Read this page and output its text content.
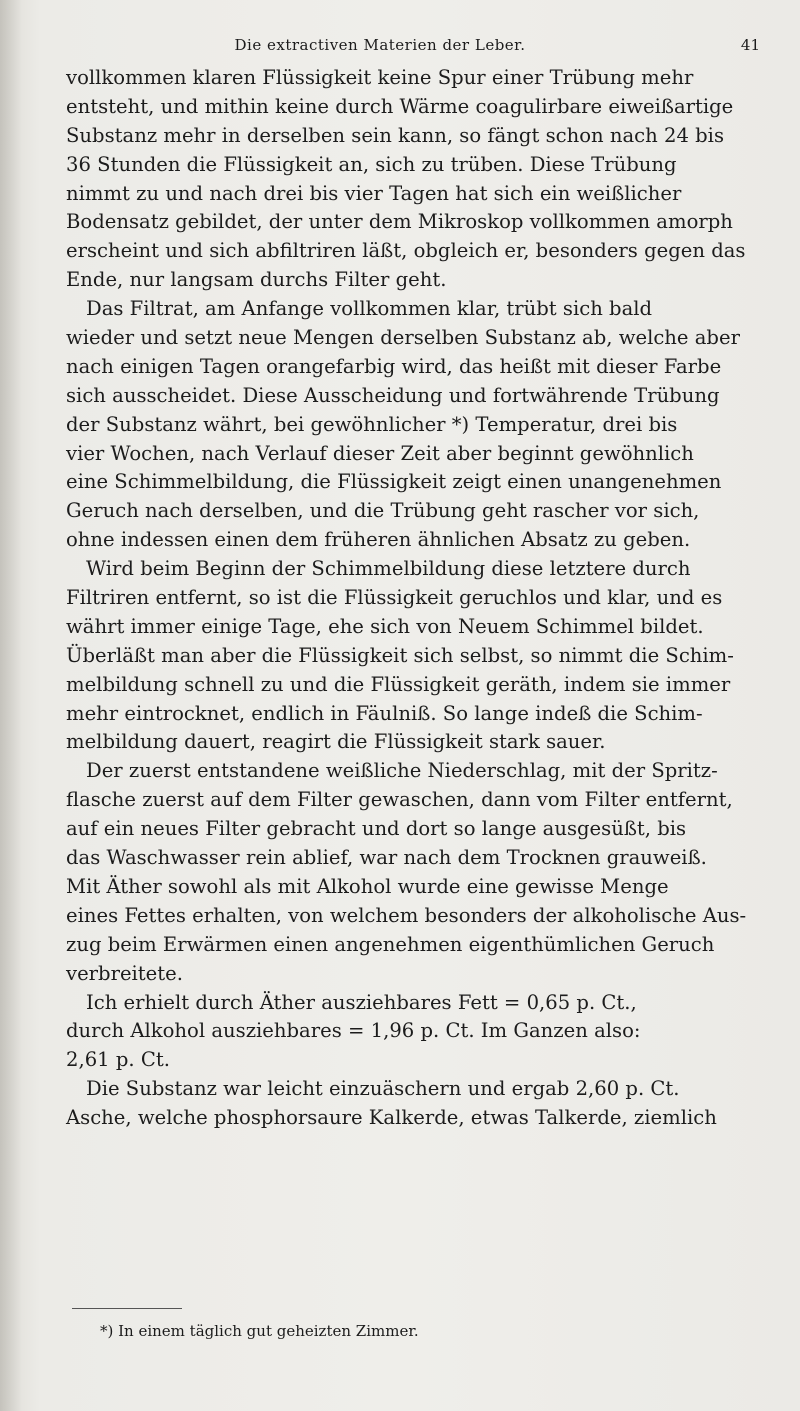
Die extractiven Materien der Leber.	41
vollkommen klaren Flüssigkeit keine Spur einer Trübung mehr
entsteht, und mithin keine durch Wärme coagulirbare eiweißartige
Substanz mehr in derselben sein kann, so fängt schon nach 24 bis
36 Stunden die Flüssigkeit an, sich zu trüben. Diese Trübung
nimmt zu und nach drei bis vier Tagen hat sich ein weißlicher
Bodensatz gebildet, der unter dem Mikroskop vollkommen amorph
erscheint und sich abfiltriren läßt, obgleich er, besonders gegen das
Ende, nur langsam durchs Filter geht.
Das Filtrat, am Anfange vollkommen klar, trübt sich bald
wieder und setzt neue Mengen derselben Substanz ab, welche aber
nach einigen Tagen orangefarbig wird, das heißt mit dieser Farbe
sich ausscheidet. Diese Ausscheidung und fortwährende Trübung
der Substanz währt, bei gewöhnlicher *) Temperatur, drei bis
vier Wochen, nach Verlauf dieser Zeit aber beginnt gewöhnlich
eine Schimmelbildung, die Flüssigkeit zeigt einen unangenehmen
Geruch nach derselben, und die Trübung geht rascher vor sich,
ohne indessen einen dem früheren ähnlichen Absatz zu geben.
Wird beim Beginn der Schimmelbildung diese letztere durch
Filtriren entfernt, so ist die Flüssigkeit geruchlos und klar, und es
währt immer einige Tage, ehe sich von Neuem Schimmel bildet.
Überläßt man aber die Flüssigkeit sich selbst, so nimmt die Schim-
melbildung schnell zu und die Flüssigkeit geräth, indem sie immer
mehr eintrocknet, endlich in Fäulniß. So lange indeß die Schim-
melbildung dauert, reagirt die Flüssigkeit stark sauer.
Der zuerst entstandene weißliche Niederschlag, mit der Spritz-
flasche zuerst auf dem Filter gewaschen, dann vom Filter entfernt,
auf ein neues Filter gebracht und dort so lange ausgesüßt, bis
das Waschwasser rein ablief, war nach dem Trocknen grauweiß.
Mit Äther sowohl als mit Alkohol wurde eine gewisse Menge
eines Fettes erhalten, von welchem besonders der alkoholische Aus-
zug beim Erwärmen einen angenehmen eigenthümlichen Geruch
verbreitete.
Ich erhielt durch Äther ausziehbares Fett = 0,65 p. Ct.,
durch Alkohol ausziehbares = 1,96 p. Ct. Im Ganzen also:
2,61 p. Ct.
Die Substanz war leicht einzuäschern und ergab 2,60 p. Ct.
Asche, welche phosphorsaure Kalkerde, etwas Talkerde, ziemlich
*) In einem täglich gut geheizten Zimmer.
